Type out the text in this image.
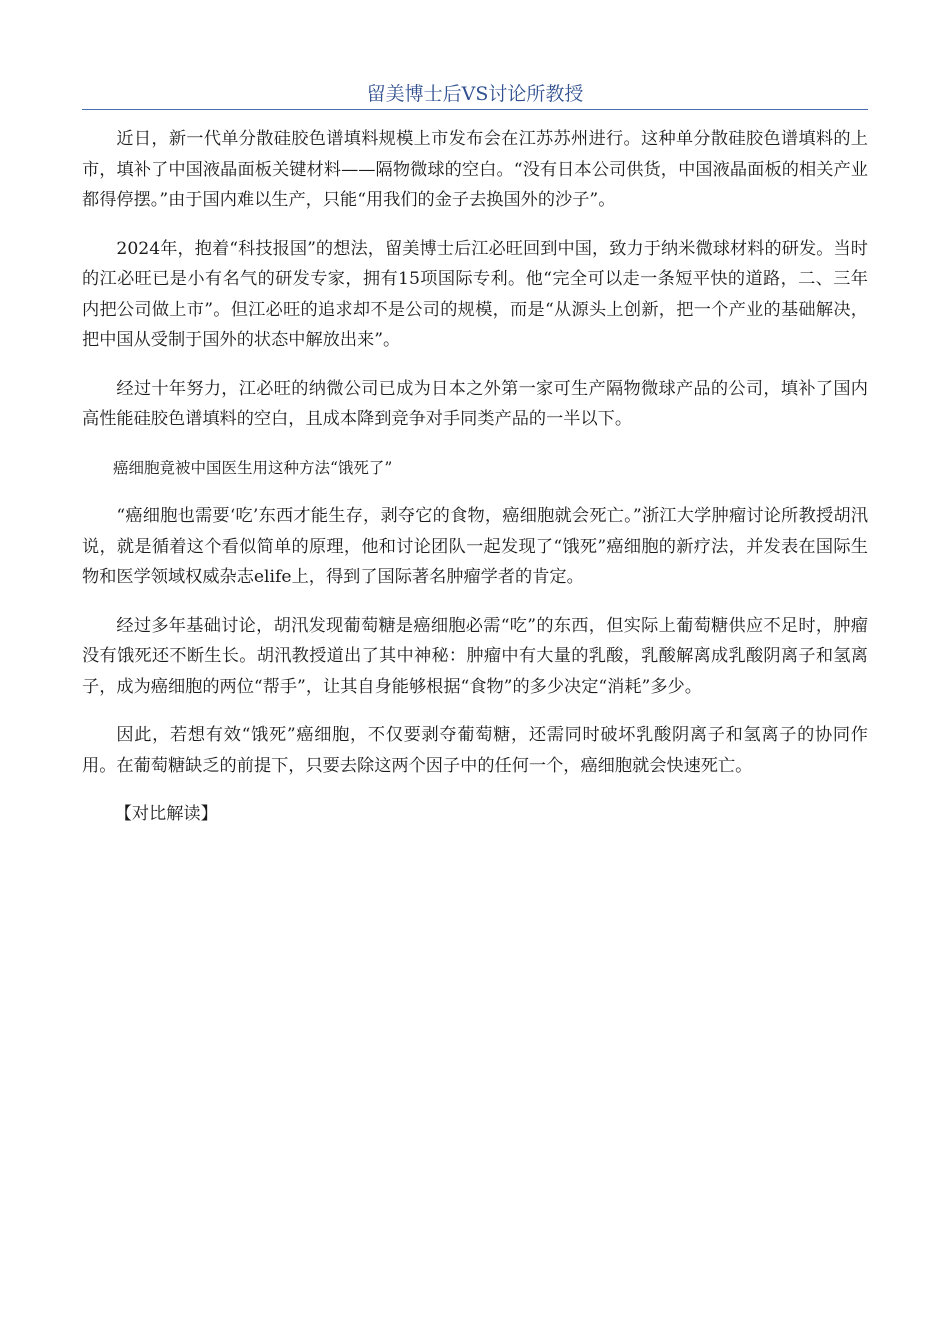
留美博士后VS讨论所教授

近日，新一代单分散硅胶色谱填料规模上市发布会在江苏苏州进行。这种单分散硅胶色谱填料的上市，填补了中国液晶面板关键材料——隔物微球的空白。“没有日本公司供货，中国液晶面板的相关产业都得停摆。”由于国内难以生产，只能“用我们的金子去换国外的沙子”。

2024年，抱着“科技报国”的想法，留美博士后江必旺回到中国，致力于纳米微球材料的研发。当时的江必旺已是小有名气的研发专家，拥有15项国际专利。他“完全可以走一条短平快的道路，二、三年内把公司做上市”。但江必旺的追求却不是公司的规模，而是“从源头上创新，把一个产业的基础解决，把中国从受制于国外的状态中解放出来”。

经过十年努力，江必旺的纳微公司已成为日本之外第一家可生产隔物微球产品的公司，填补了国内高性能硅胶色谱填料的空白，且成本降到竞争对手同类产品的一半以下。

癌细胞竟被中国医生用这种方法“饿死了”

“癌细胞也需要‘吃’东西才能生存，剥夺它的食物，癌细胞就会死亡。”浙江大学肿瘤讨论所教授胡汛说，就是循着这个看似简单的原理，他和讨论团队一起发现了“饿死”癌细胞的新疗法，并发表在国际生物和医学领域权威杂志elife上，得到了国际著名肿瘤学者的肯定。

经过多年基础讨论，胡汛发现葡萄糖是癌细胞必需“吃”的东西，但实际上葡萄糖供应不足时，肿瘤没有饿死还不断生长。胡汛教授道出了其中神秘：肿瘤中有大量的乳酸，乳酸解离成乳酸阴离子和氢离子，成为癌细胞的两位“帮手”，让其自身能够根据“食物”的多少决定“消耗”多少。

因此，若想有效“饿死”癌细胞，不仅要剥夺葡萄糖，还需同时破坏乳酸阴离子和氢离子的协同作用。在葡萄糖缺乏的前提下，只要去除这两个因子中的任何一个，癌细胞就会快速死亡。

【对比解读】
